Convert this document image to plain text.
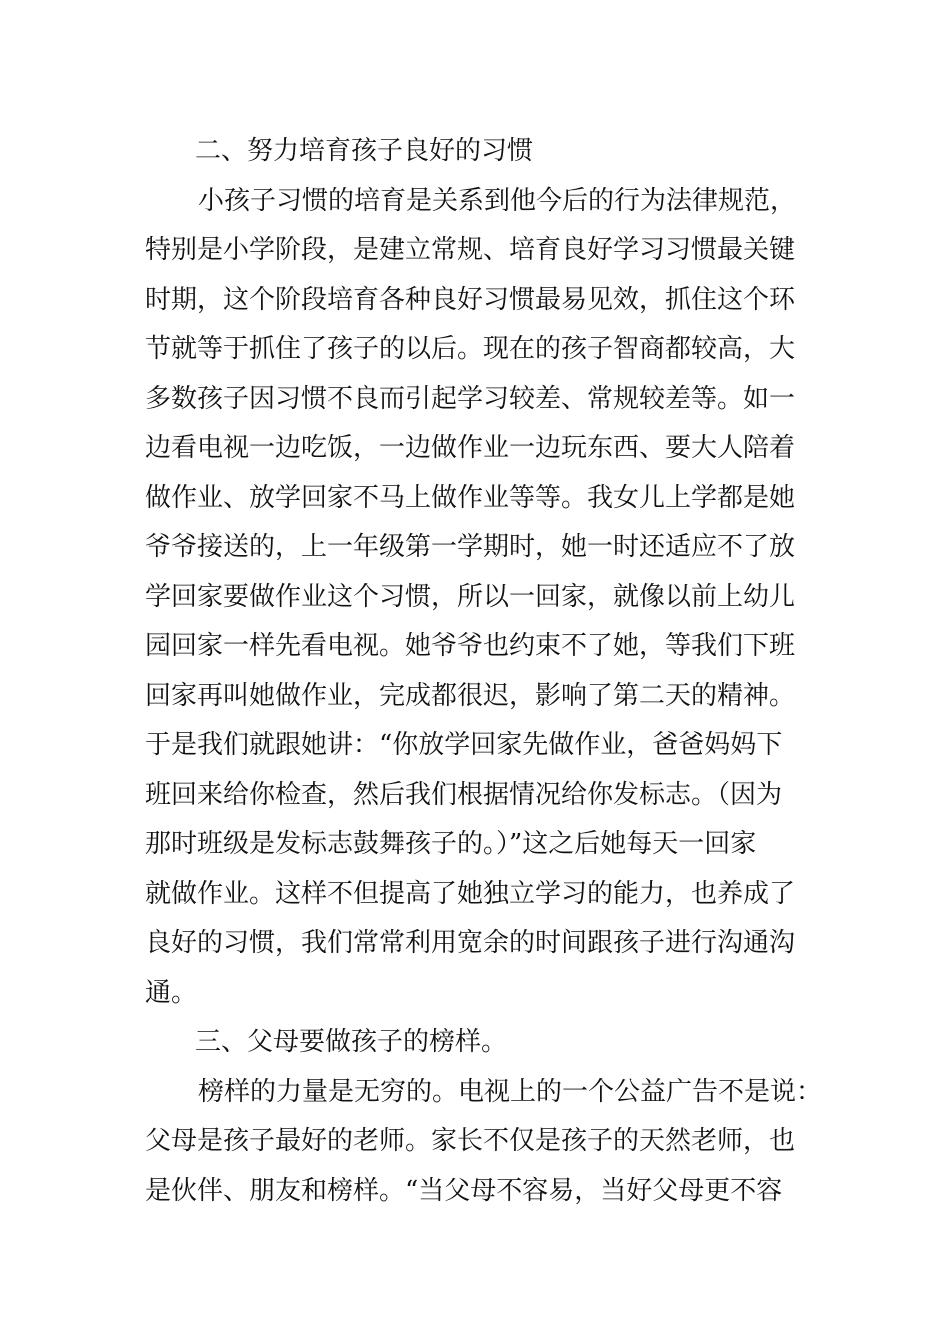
二、努力培育孩子良好的习惯
小孩子习惯的培育是关系到他今后的行为法律规范，
特别是小学阶段，是建立常规、培育良好学习习惯最关键
时期，这个阶段培育各种良好习惯最易见效，抓住这个环
节就等于抓住了孩子的以后。现在的孩子智商都较高，大
多数孩子因习惯不良而引起学习较差、常规较差等。如一
边看电视一边吃饭，一边做作业一边玩东西、要大人陪着
做作业、放学回家不马上做作业等等。我女儿上学都是她
爷爷接送的，上一年级第一学期时，她一时还适应不了放
学回家要做作业这个习惯，所以一回家，就像以前上幼儿
园回家一样先看电视。她爷爷也约束不了她，等我们下班
回家再叫她做作业，完成都很迟，影响了第二天的精神。
于是我们就跟她讲：“你放学回家先做作业，爸爸妈妈下
班回来给你检查，然后我们根据情况给你发标志。（因为
那时班级是发标志鼓舞孩子的。）”这之后她每天一回家
就做作业。这样不但提高了她独立学习的能力，也养成了
良好的习惯，我们常常利用宽余的时间跟孩子进行沟通沟
通。
三、父母要做孩子的榜样。
榜样的力量是无穷的。电视上的一个公益广告不是说：
父母是孩子最好的老师。家长不仅是孩子的天然老师，也
是伙伴、朋友和榜样。“当父母不容易，当好父母更不容
